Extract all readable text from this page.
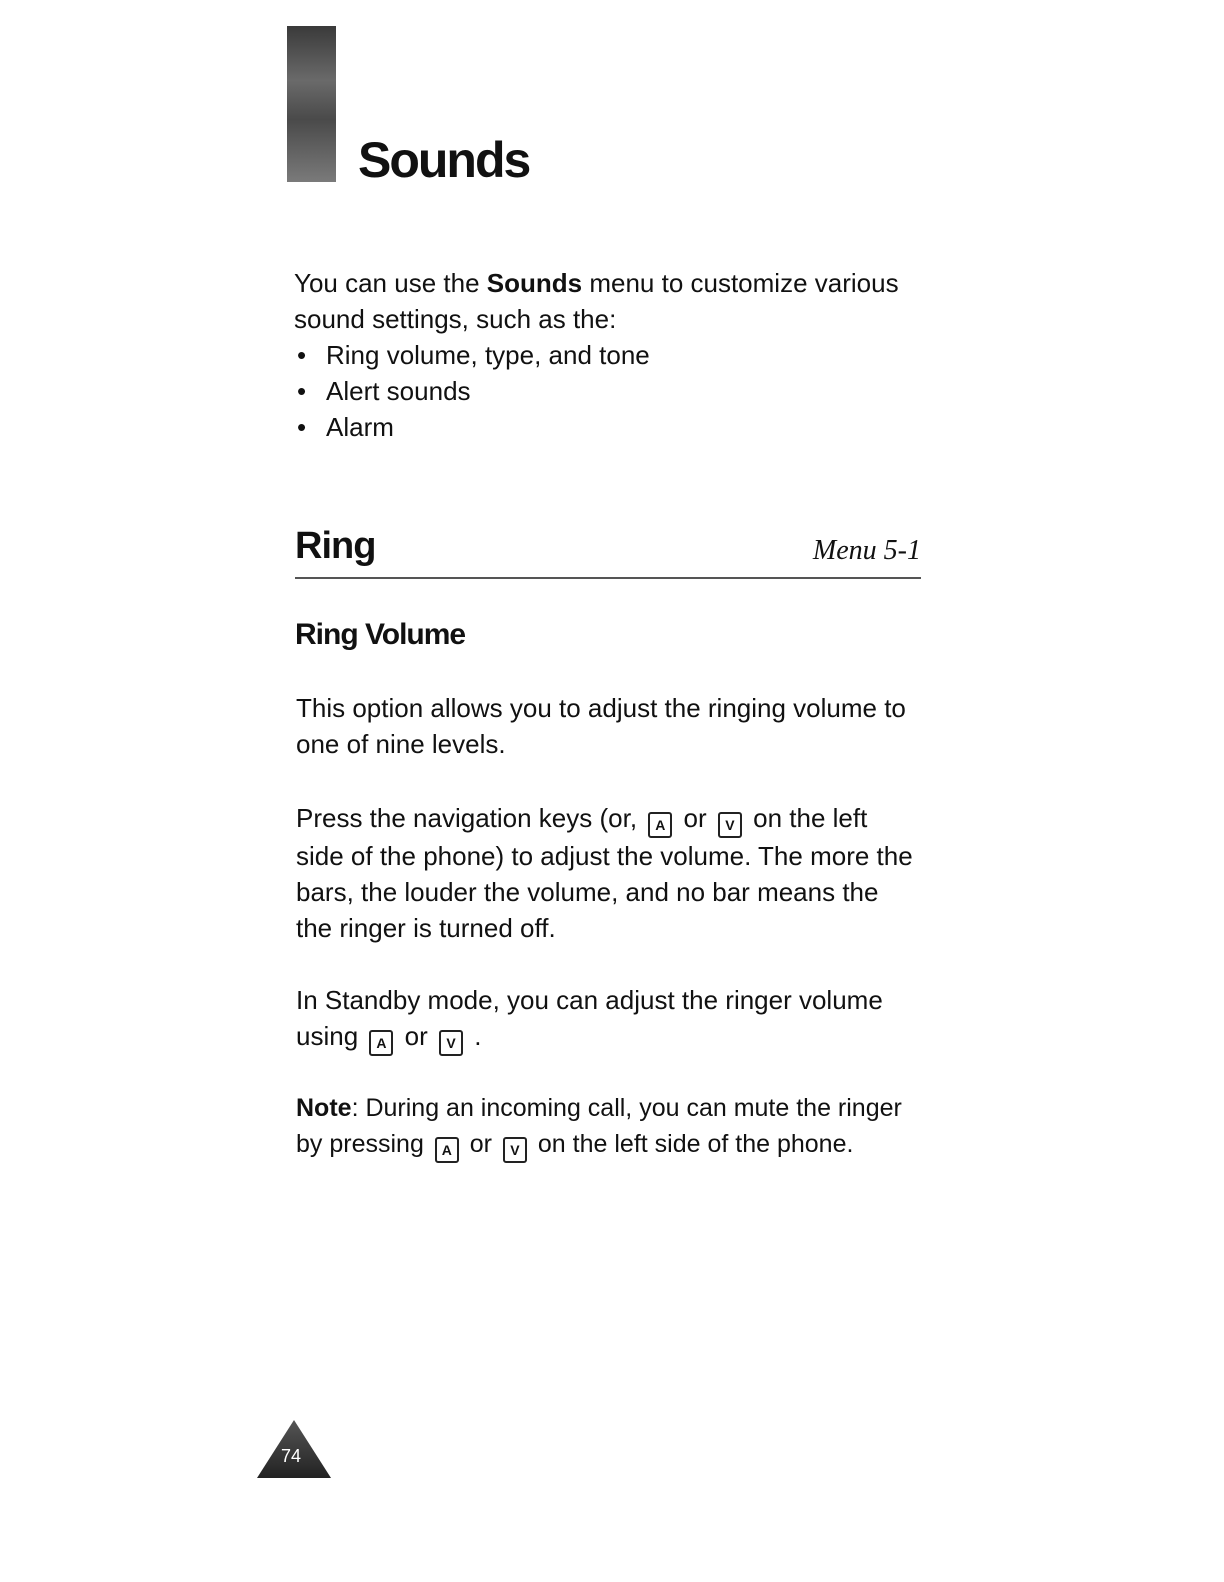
Sounds

You can use the Sounds menu to customize various sound settings, such as the:

• Ring volume, type, and tone
• Alert sounds
• Alarm
Ring	Menu 5-1
Ring Volume

This option allows you to adjust the ringing volume to one of nine levels.

Press the navigation keys (or, A or V on the left side of the phone) to adjust the volume. The more the bars, the louder the volume, and no bar means the the ringer is turned off.

In Standby mode, you can adjust the ringer volume using A or V .

Note: During an incoming call, you can mute the ringer by pressing A or V on the left side of the phone.

74
